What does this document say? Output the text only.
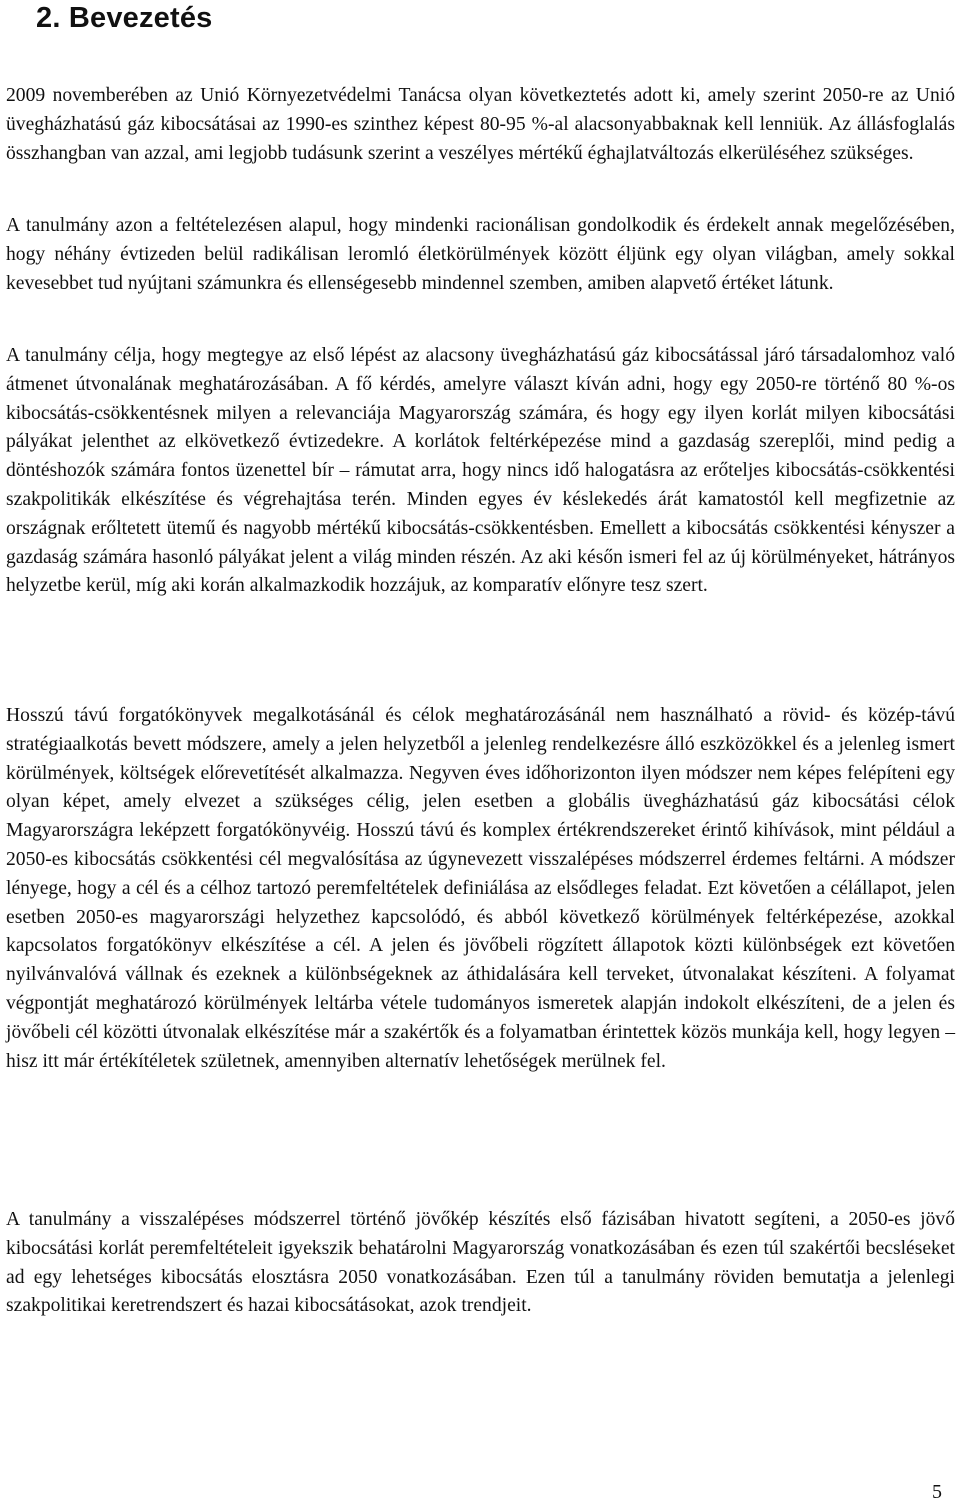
2. Bevezetés

2009 novemberében az Unió Környezetvédelmi Tanácsa olyan következtetés adott ki, amely szerint 2050-re az Unió üvegházhatású gáz kibocsátásai az 1990-es szinthez képest 80-95 %-al alacsonyabbaknak kell lenniük. Az állásfoglalás összhangban van azzal, ami legjobb tudásunk szerint a veszélyes mértékű éghajlatváltozás elkerüléséhez szükséges.

A tanulmány azon a feltételezésen alapul, hogy mindenki racionálisan gondolkodik és érdekelt annak megelőzésében, hogy néhány évtizeden belül radikálisan leromló életkörülmények között éljünk egy olyan világban, amely sokkal kevesebbet tud nyújtani számunkra és ellenségesebb mindennel szemben, amiben alapvető értéket látunk.

A tanulmány célja, hogy megtegye az első lépést az alacsony üvegházhatású gáz kibocsátással járó társadalomhoz való átmenet útvonalának meghatározásában. A fő kérdés, amelyre választ kíván adni, hogy egy 2050-re történő 80 %-os kibocsátás-csökkentésnek milyen a relevanciája Magyarország számára, és hogy egy ilyen korlát milyen kibocsátási pályákat jelenthet az elkövetkező évtizedekre. A korlátok feltérképezése mind a gazdaság szereplői, mind pedig a döntéshozók számára fontos üzenettel bír – rámutat arra, hogy nincs idő halogatásra az erőteljes kibocsátás-csökkentési szakpolitikák elkészítése és végrehajtása terén. Minden egyes év késlekedés árát kamatostól kell megfizetnie az országnak erőltetett ütemű és nagyobb mértékű kibocsátás-csökkentésben. Emellett a kibocsátás csökkentési kényszer a gazdaság számára hasonló pályákat jelent a világ minden részén. Az aki későn ismeri fel az új körülményeket, hátrányos helyzetbe kerül, míg aki korán alkalmazkodik hozzájuk, az komparatív előnyre tesz szert.

Hosszú távú forgatókönyvek megalkotásánál és célok meghatározásánál nem használható a rövid- és közép-távú stratégiaalkotás bevett módszere, amely a jelen helyzetből a jelenleg rendelkezésre álló eszközökkel és a jelenleg ismert körülmények, költségek előrevetítését alkalmazza. Negyven éves időhorizonton ilyen módszer nem képes felépíteni egy olyan képet, amely elvezet a szükséges célig, jelen esetben a globális üvegházhatású gáz kibocsátási célok Magyarországra leképzett forgatókönyvéig. Hosszú távú és komplex értékrendszereket érintő kihívások, mint például a 2050-es kibocsátás csökkentési cél megvalósítása az úgynevezett visszalépéses módszerrel érdemes feltárni. A módszer lényege, hogy a cél és a célhoz tartozó peremfeltételek definiálása az elsődleges feladat. Ezt követően a célállapot, jelen esetben 2050-es magyarországi helyzethez kapcsolódó, és abból következő körülmények feltérképezése, azokkal kapcsolatos forgatókönyv elkészítése a cél. A jelen és jövőbeli rögzített állapotok közti különbségek ezt követően nyilvánvalóvá vállnak és ezeknek a különbségeknek az áthidalására kell terveket, útvonalakat készíteni. A folyamat végpontját meghatározó körülmények leltárba vétele tudományos ismeretek alapján indokolt elkészíteni, de a jelen és jövőbeli cél közötti útvonalak elkészítése már a szakértők és a folyamatban érintettek közös munkája kell, hogy legyen – hisz itt már értékítéletek születnek, amennyiben alternatív lehetőségek merülnek fel.

A tanulmány a visszalépéses módszerrel történő jövőkép készítés első fázisában hivatott segíteni, a 2050-es jövő kibocsátási korlát peremfeltételeit igyekszik behatárolni Magyarország vonatkozásában és ezen túl szakértői becsléseket ad egy lehetséges kibocsátás elosztásra 2050 vonatkozásában. Ezen túl a tanulmány röviden bemutatja a jelenlegi szakpolitikai keretrendszert és hazai kibocsátásokat, azok trendjeit.

5
